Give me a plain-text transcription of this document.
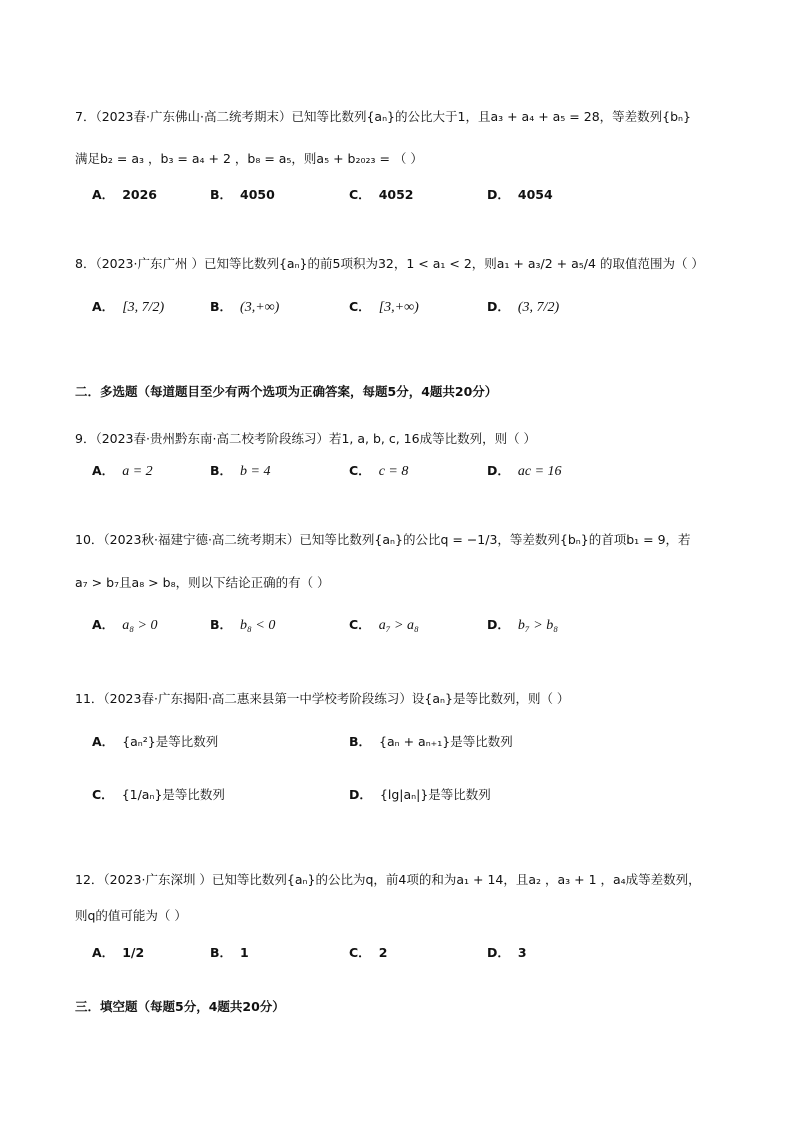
7．（2023春·广东佛山·高二统考期末）已知等比数列{aₙ}的公比大于1，且a₃ + a₄ + a₅ = 28，等差数列{bₙ}
满足b₂ = a₃ ，b₃ = a₄ + 2 ，b₈ = a₅，则a₅ + b₂₀₂₃ = （ ）
A． 2026	B． 4050	C． 4052	D． 4054
8．（2023·广东广州 ）已知等比数列{aₙ}的前5项积为32，1 < a₁ < 2，则a₁ + a₃/2 + a₅/4 的取值范围为（ ）
A． [3, 7/2)	B． (3,+∞)	C． [3,+∞)	D． (3, 7/2)
二．多选题（每道题目至少有两个选项为正确答案，每题5分，4题共20分）
9．（2023春·贵州黔东南·高二校考阶段练习）若1, a, b, c, 16成等比数列，则（ ）
A． a = 2	B． b = 4	C． c = 8	D． ac = 16
10．（2023秋·福建宁德·高二统考期末）已知等比数列{aₙ}的公比q = −1/3，等差数列{bₙ}的首项b₁ = 9，若
a₇ > b₇且a₈ > b₈，则以下结论正确的有（ ）
A． a₈ > 0	B． b₈ < 0	C． a₇ > a₈	D． b₇ > b₈
11．（2023春·广东揭阳·高二惠来县第一中学校考阶段练习）设{aₙ}是等比数列，则（ ）
A． {aₙ²}是等比数列	B． {aₙ + aₙ₊₁}是等比数列
C． {1/aₙ}是等比数列	D． {lg|aₙ|}是等比数列
12．（2023·广东深圳 ）已知等比数列{aₙ}的公比为q，前4项的和为a₁ + 14，且a₂ ，a₃ + 1 ，a₄成等差数列，
则q的值可能为（ ）
A． 1/2	B． 1	C． 2	D． 3
三．填空题（每题5分，4题共20分）
